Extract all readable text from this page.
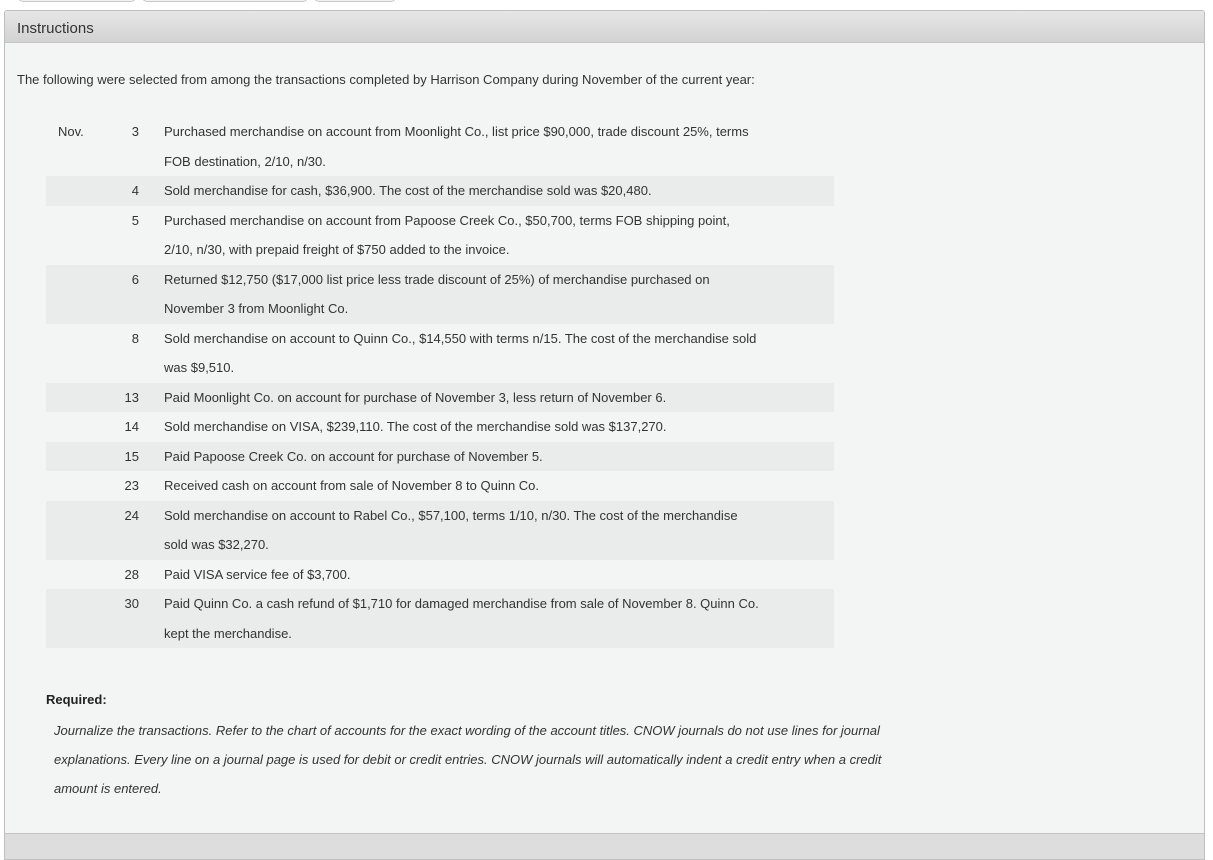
Instructions
The following were selected from among the transactions completed by Harrison Company during November of the current year:
Nov.	3	Purchased merchandise on account from Moonlight Co., list price $90,000, trade discount 25%, terms
FOB destination, 2/10, n/30.

	4	Sold merchandise for cash, $36,900. The cost of the merchandise sold was $20,480.

	5	Purchased merchandise on account from Papoose Creek Co., $50,700, terms FOB shipping point,
2/10, n/30, with prepaid freight of $750 added to the invoice.

	6	Returned $12,750 ($17,000 list price less trade discount of 25%) of merchandise purchased on
November 3 from Moonlight Co.

	8	Sold merchandise on account to Quinn Co., $14,550 with terms n/15. The cost of the merchandise sold
was $9,510.

	13	Paid Moonlight Co. on account for purchase of November 3, less return of November 6.

	14	Sold merchandise on VISA, $239,110. The cost of the merchandise sold was $137,270.

	15	Paid Papoose Creek Co. on account for purchase of November 5.

	23	Received cash on account from sale of November 8 to Quinn Co.

	24	Sold merchandise on account to Rabel Co., $57,100, terms 1/10, n/30. The cost of the merchandise
sold was $32,270.

	28	Paid VISA service fee of $3,700.

	30	Paid Quinn Co. a cash refund of $1,710 for damaged merchandise from sale of November 8. Quinn Co.
kept the merchandise.
Required:
Journalize the transactions. Refer to the chart of accounts for the exact wording of the account titles. CNOW journals do not use lines for journal
explanations. Every line on a journal page is used for debit or credit entries. CNOW journals will automatically indent a credit entry when a credit
amount is entered.
